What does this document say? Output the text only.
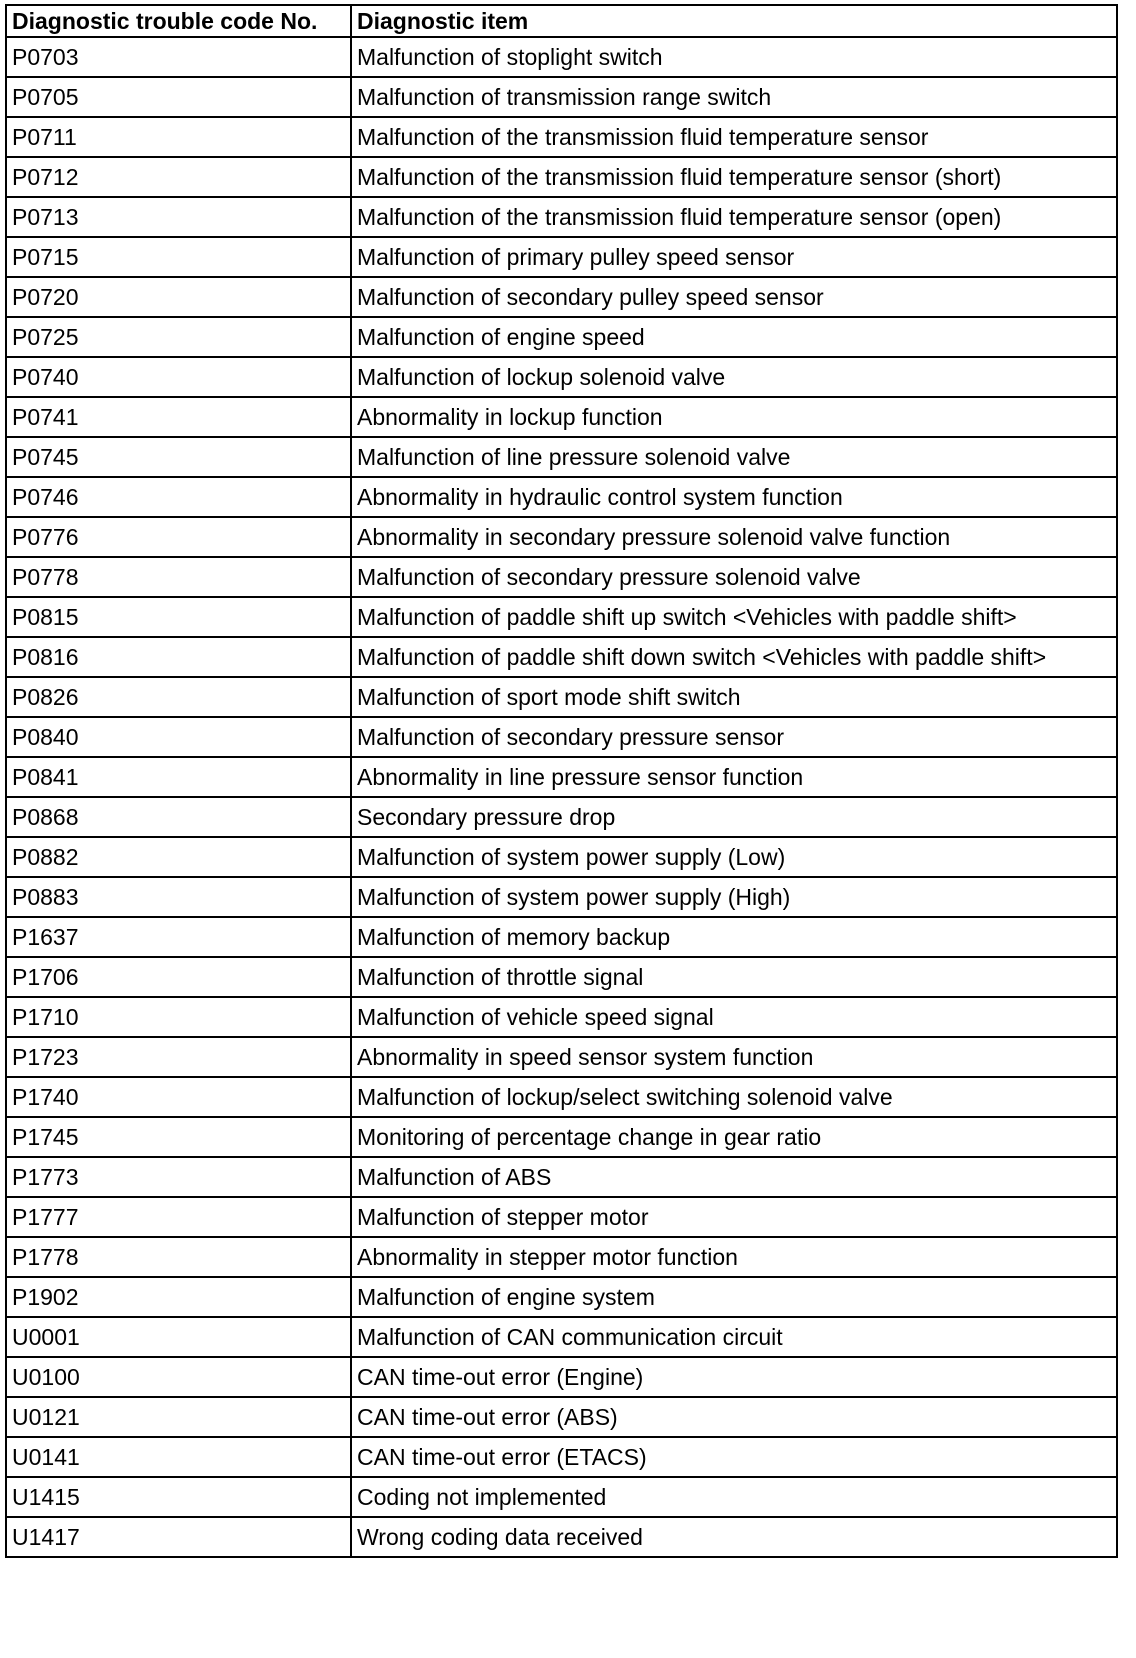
Diagnostic trouble code No.	Diagnostic item
P0703	Malfunction of stoplight switch
P0705	Malfunction of transmission range switch
P0711	Malfunction of the transmission fluid temperature sensor
P0712	Malfunction of the transmission fluid temperature sensor (short)
P0713	Malfunction of the transmission fluid temperature sensor (open)
P0715	Malfunction of primary pulley speed sensor
P0720	Malfunction of secondary pulley speed sensor
P0725	Malfunction of engine speed
P0740	Malfunction of lockup solenoid valve
P0741	Abnormality in lockup function
P0745	Malfunction of line pressure solenoid valve
P0746	Abnormality in hydraulic control system function
P0776	Abnormality in secondary pressure solenoid valve function
P0778	Malfunction of secondary pressure solenoid valve
P0815	Malfunction of paddle shift up switch <Vehicles with paddle shift>
P0816	Malfunction of paddle shift down switch <Vehicles with paddle shift>
P0826	Malfunction of sport mode shift switch
P0840	Malfunction of secondary pressure sensor
P0841	Abnormality in line pressure sensor function
P0868	Secondary pressure drop
P0882	Malfunction of system power supply (Low)
P0883	Malfunction of system power supply (High)
P1637	Malfunction of memory backup
P1706	Malfunction of throttle signal
P1710	Malfunction of vehicle speed signal
P1723	Abnormality in speed sensor system function
P1740	Malfunction of lockup/select switching solenoid valve
P1745	Monitoring of percentage change in gear ratio
P1773	Malfunction of ABS
P1777	Malfunction of stepper motor
P1778	Abnormality in stepper motor function
P1902	Malfunction of engine system
U0001	Malfunction of CAN communication circuit
U0100	CAN time-out error (Engine)
U0121	CAN time-out error (ABS)
U0141	CAN time-out error (ETACS)
U1415	Coding not implemented
U1417	Wrong coding data received
